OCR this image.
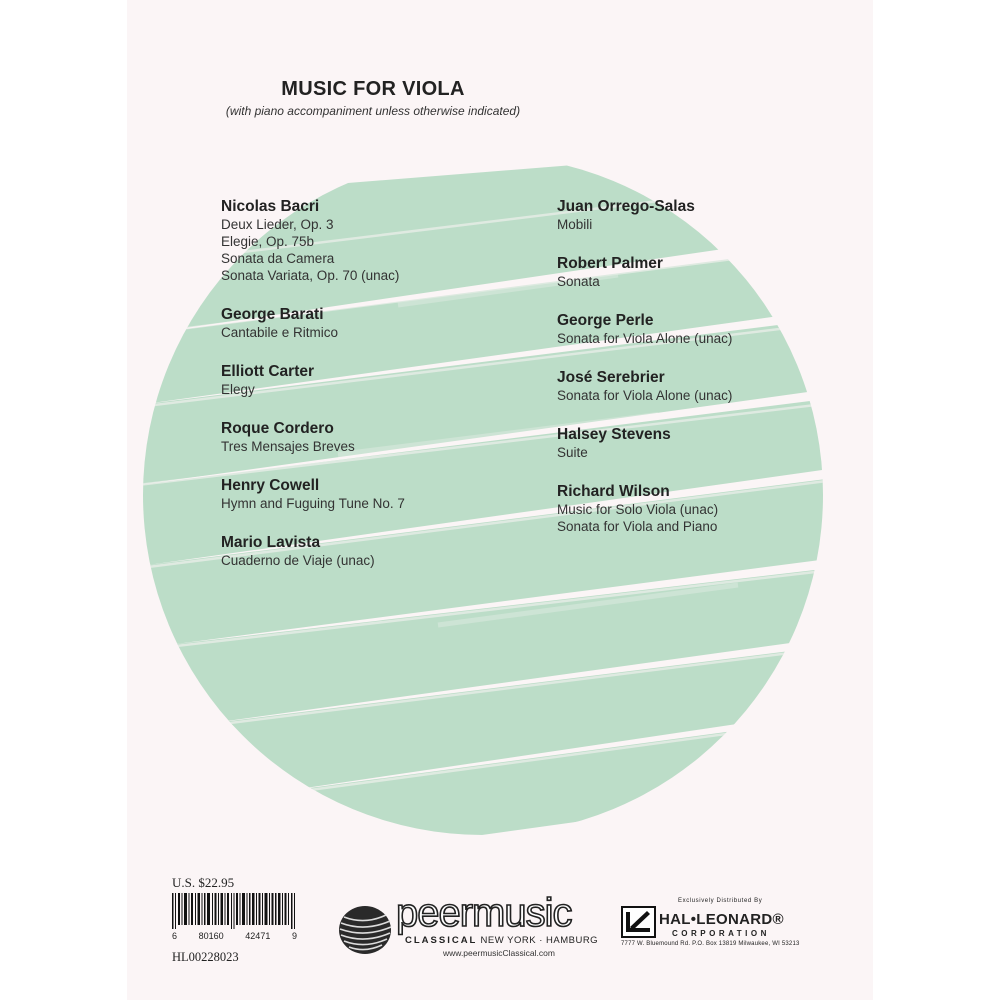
MUSIC FOR VIOLA
(with piano accompaniment unless otherwise indicated)
Nicolas Bacri
Deux Lieder, Op. 3
Elegie, Op. 75b
Sonata da Camera
Sonata Variata, Op. 70 (unac)
George Barati
Cantabile e Ritmico
Elliott Carter
Elegy
Roque Cordero
Tres Mensajes Breves
Henry Cowell
Hymn and Fuguing Tune No. 7
Mario Lavista
Cuaderno de Viaje (unac)
Juan Orrego-Salas
Mobili
Robert Palmer
Sonata
George Perle
Sonata for Viola Alone (unac)
José Serebrier
Sonata for Viola Alone (unac)
Halsey Stevens
Suite
Richard Wilson
Music for Solo Viola (unac)
Sonata for Viola and Piano
U.S. $22.95
6 80160 42471 9
HL00228023
peermusic
CLASSICAL NEW YORK · HAMBURG
www.peermusicClassical.com
Exclusively Distributed By
HAL•LEONARD®
CORPORATION
7777 W. Bluemound Rd. P.O. Box 13819 Milwaukee, WI 53213
